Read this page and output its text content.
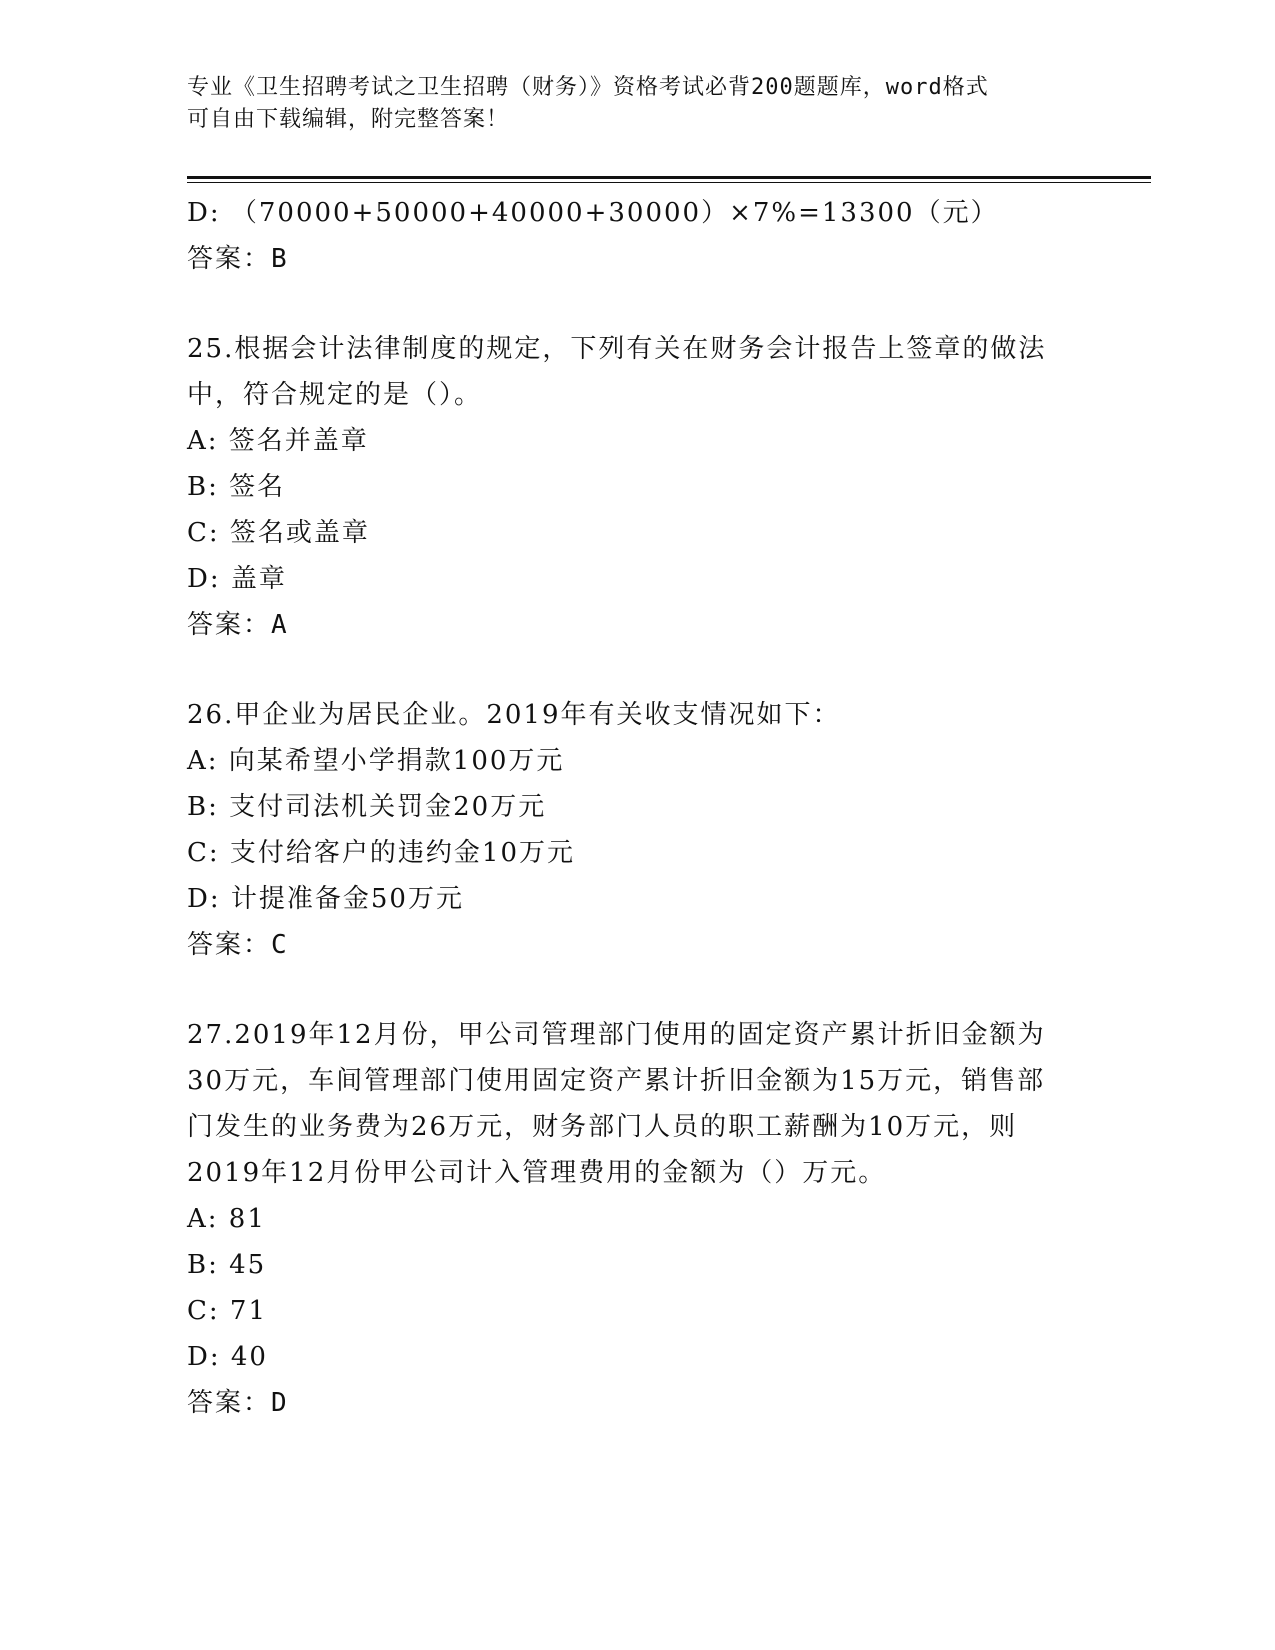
专业《卫生招聘考试之卫生招聘（财务）》资格考试必背200题题库，word格式
可自由下载编辑，附完整答案！
D: （70000+50000+40000+30000）×7%=13300（元）
答案：B
25.根据会计法律制度的规定，下列有关在财务会计报告上签章的做法
中，符合规定的是（）。
A: 签名并盖章
B: 签名
C: 签名或盖章
D: 盖章
答案：A
26.甲企业为居民企业。2019年有关收支情况如下：
A: 向某希望小学捐款100万元
B: 支付司法机关罚金20万元
C: 支付给客户的违约金10万元
D: 计提准备金50万元
答案：C
27.2019年12月份，甲公司管理部门使用的固定资产累计折旧金额为
30万元，车间管理部门使用固定资产累计折旧金额为15万元，销售部
门发生的业务费为26万元，财务部门人员的职工薪酬为10万元，则
2019年12月份甲公司计入管理费用的金额为（）万元。
A: 81
B: 45
C: 71
D: 40
答案：D
